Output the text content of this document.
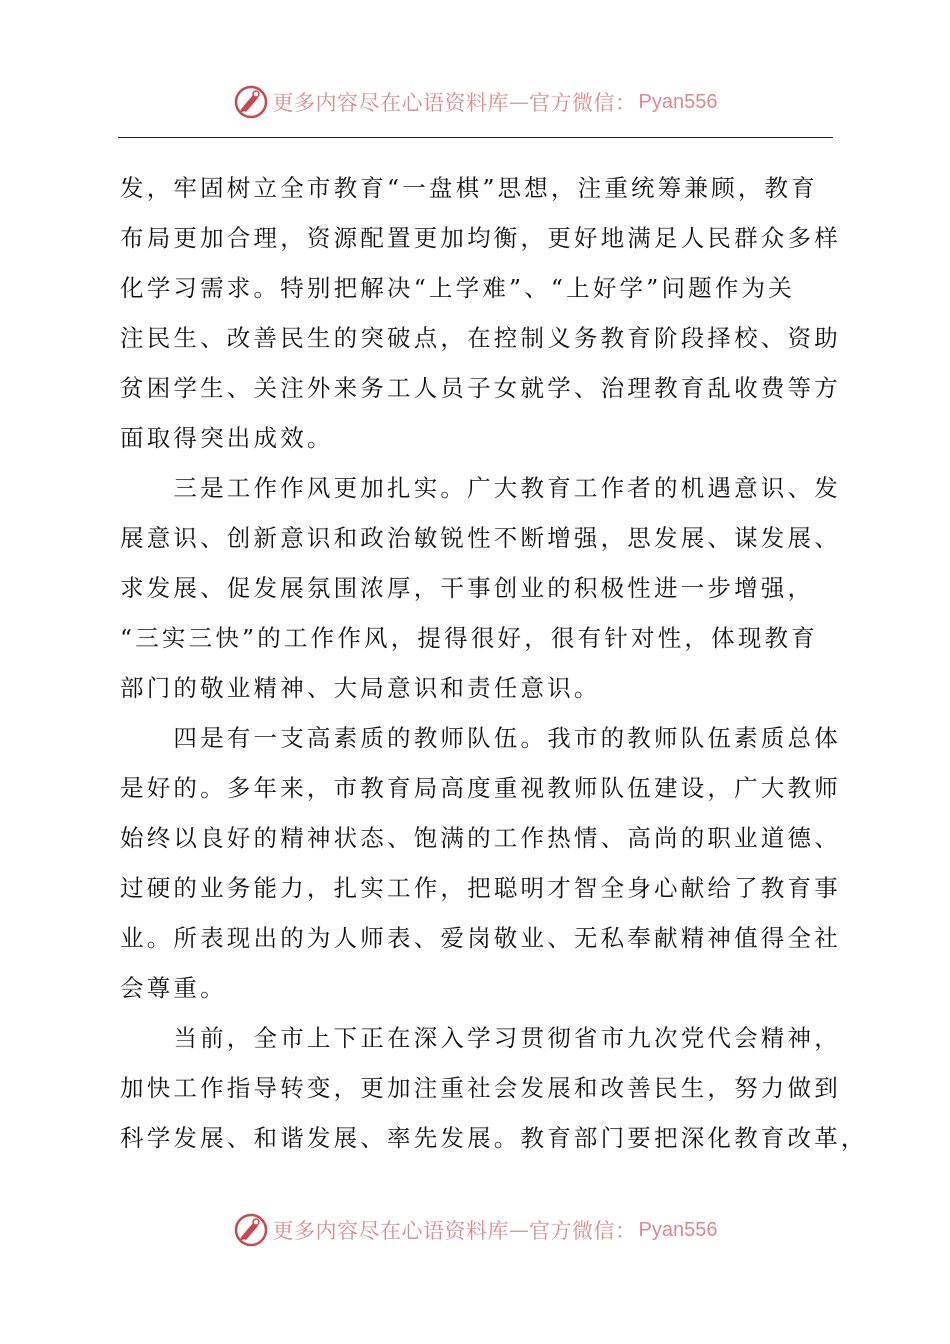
更多内容尽在心语资料库 — 官方微信： Pyan556

发，牢固树立全市教育“一盘棋”思想，注重统筹兼顾，教育
布局更加合理，资源配置更加均衡，更好地满足人民群众多样
化学习需求。特别把解决“上学难”、“上好学”问题作为关
注民生、改善民生的突破点，在控制义务教育阶段择校、资助
贫困学生、关注外来务工人员子女就学、治理教育乱收费等方
面取得突出成效。

　　三是工作作风更加扎实。广大教育工作者的机遇意识、发
展意识、创新意识和政治敏锐性不断增强，思发展、谋发展、
求发展、促发展氛围浓厚，干事创业的积极性进一步增强，
“三实三快”的工作作风，提得很好，很有针对性，体现教育
部门的敬业精神、大局意识和责任意识。

　　四是有一支高素质的教师队伍。我市的教师队伍素质总体
是好的。多年来，市教育局高度重视教师队伍建设，广大教师
始终以良好的精神状态、饱满的工作热情、高尚的职业道德、
过硬的业务能力，扎实工作，把聪明才智全身心献给了教育事
业。所表现出的为人师表、爱岗敬业、无私奉献精神值得全社
会尊重。

　　当前，全市上下正在深入学习贯彻省市九次党代会精神，
加快工作指导转变，更加注重社会发展和改善民生，努力做到
科学发展、和谐发展、率先发展。教育部门要把深化教育改革，

更多内容尽在心语资料库 — 官方微信： Pyan556
